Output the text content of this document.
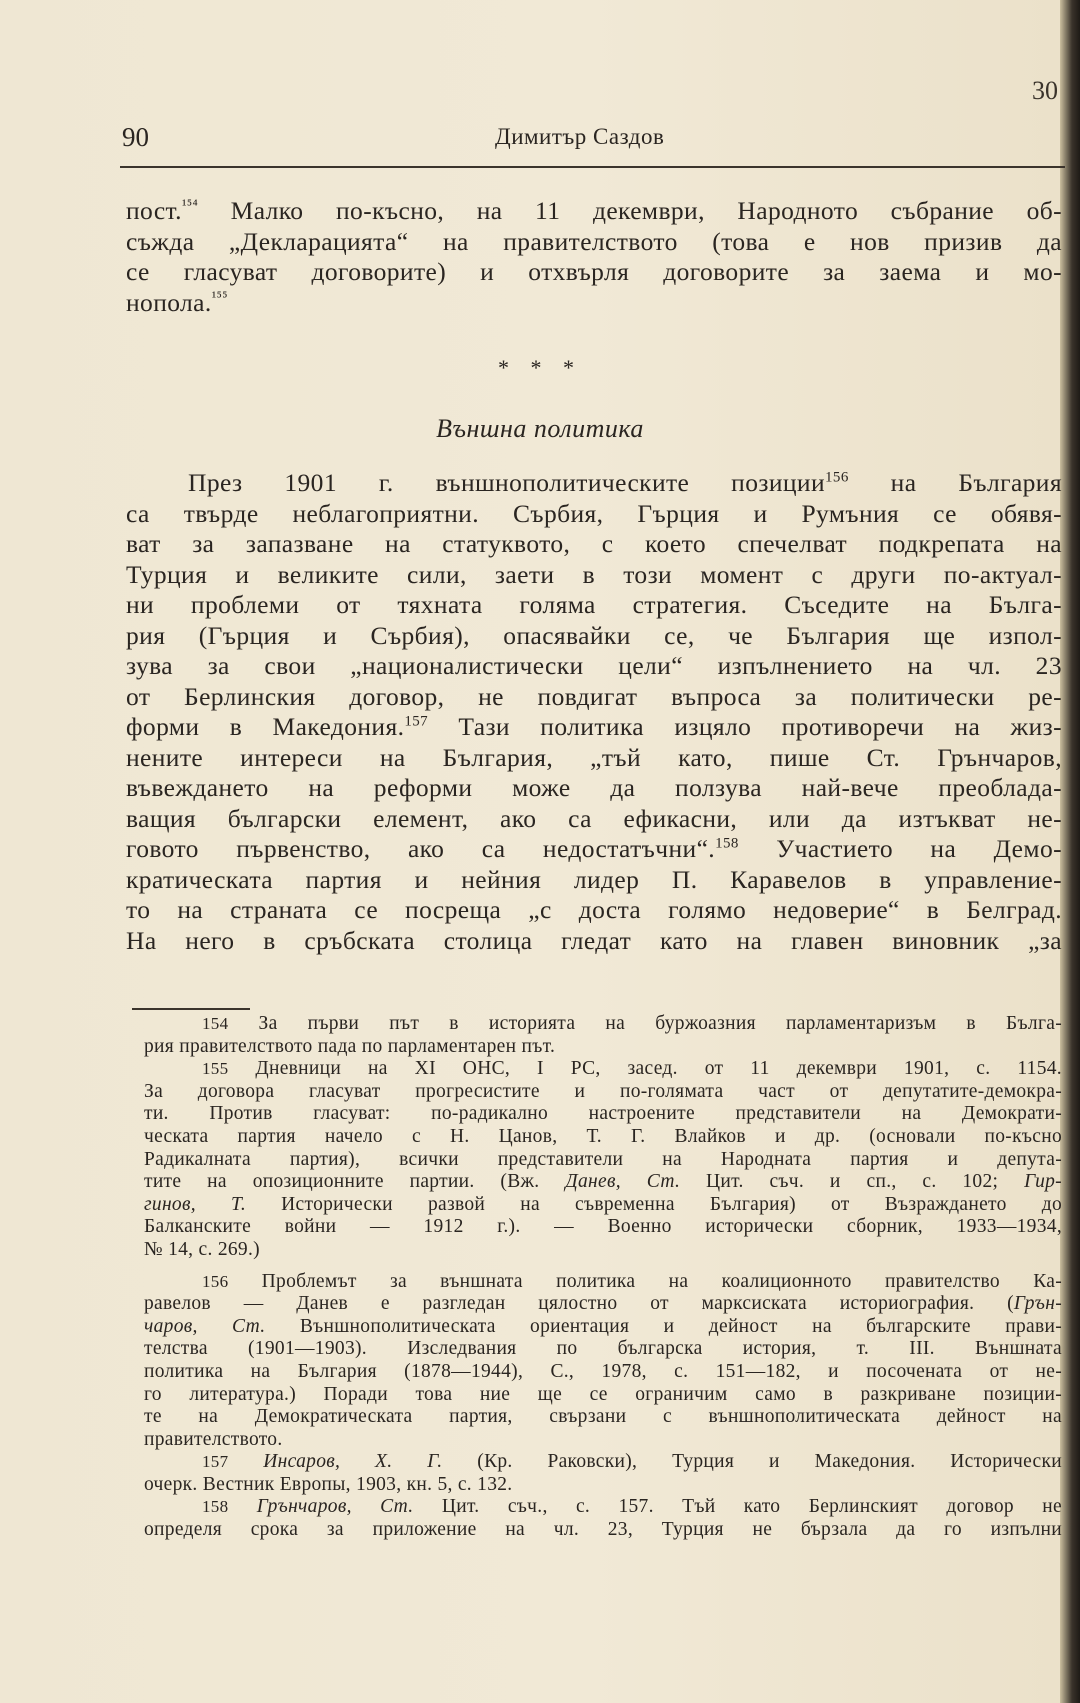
30
90	Димитър Саздов
пост.$^{^{154}}$ Малко по-късно, на 11 декември, Народното събрание об-
съжда „Декларацията“ на правителството (това е нов призив да
се гласуват договорите) и отхвърля договорите за заема и мо-
нопола.$^{^{155}}$
* * *
Външна политика
През 1901 г. външнополитическите позиции$^{156}$ на България
са твърде неблагоприятни. Сърбия, Гърция и Румъния се обявя-
ват за запазване на статуквото, с което спечелват подкрепата на
Турция и великите сили, заети в този момент с други по-актуал-
ни проблеми от тяхната голяма стратегия. Съседите на Бълга-
рия (Гърция и Сърбия), опасявайки се, че България ще изпол-
зува за свои „националистически цели“ изпълнението на чл. 23
от Берлинския договор, не повдигат въпроса за политически ре-
форми в Македония.$^{157}$ Тази политика изцяло противоречи на жиз-
нените интереси на България, „тъй като, пише Ст. Грънчаров,
въвеждането на реформи може да ползува най-вече преоблада-
ващия български елемент, ако са ефикасни, или да изтъкват не-
говото първенство, ако са недостатъчни“.$^{158}$ Участието на Демо-
кратическата партия и нейния лидер П. Каравелов в управление-
то на страната се посреща „с доста голямо недоверие“ в Белград.
На него в сръбската столица гледат като на главен виновник „за
154 За първи път в историята на буржоазния парламентаризъм в Бълга-
рия правителството пада по парламентарен път.
155 Дневници на XI ОНС, I РС, засед. от 11 декември 1901, с. 1154.
За договора гласуват прогресистите и по-голямата част от депутатите-демокра-
ти. Против гласуват: по-радикално настроените представители на Демократи-
ческата партия начело с Н. Цанов, Т. Г. Влайков и др. (основали по-късно
Радикалната партия), всички представители на Народната партия и депута-
тите на опозиционните партии. (Вж. Данев, Ст. Цит. съч. и сп., с. 102; Гир-
гинов, Т. Исторически развой на съвременна България) от Възраждането до
Балканските войни — 1912 г.). — Военно исторически сборник, 1933—1934,
№ 14, с. 269.)
156 Проблемът за външната политика на коалиционното правителство Ка-
равелов — Данев е разгледан цялостно от марксиската историография. (Грън-
чаров, Ст. Външнополитическата ориентация и дейност на българските прави-
телства (1901—1903). Изследвания по българска история, т. III. Външната
политика на България (1878—1944), С., 1978, с. 151—182, и посочената от не-
го литература.) Поради това ние ще се ограничим само в разкриване позиции-
те на Демократическата партия, свързани с външнополитическата дейност на
правителството.
157 Инсаров, Х. Г. (Кр. Раковски), Турция и Македония. Исторически
очерк. Вестник Европы, 1903, кн. 5, с. 132.
158 Грънчаров, Ст. Цит. съч., с. 157. Тъй като Берлинският договор не
определя срока за приложение на чл. 23, Турция не бързала да го изпълни
